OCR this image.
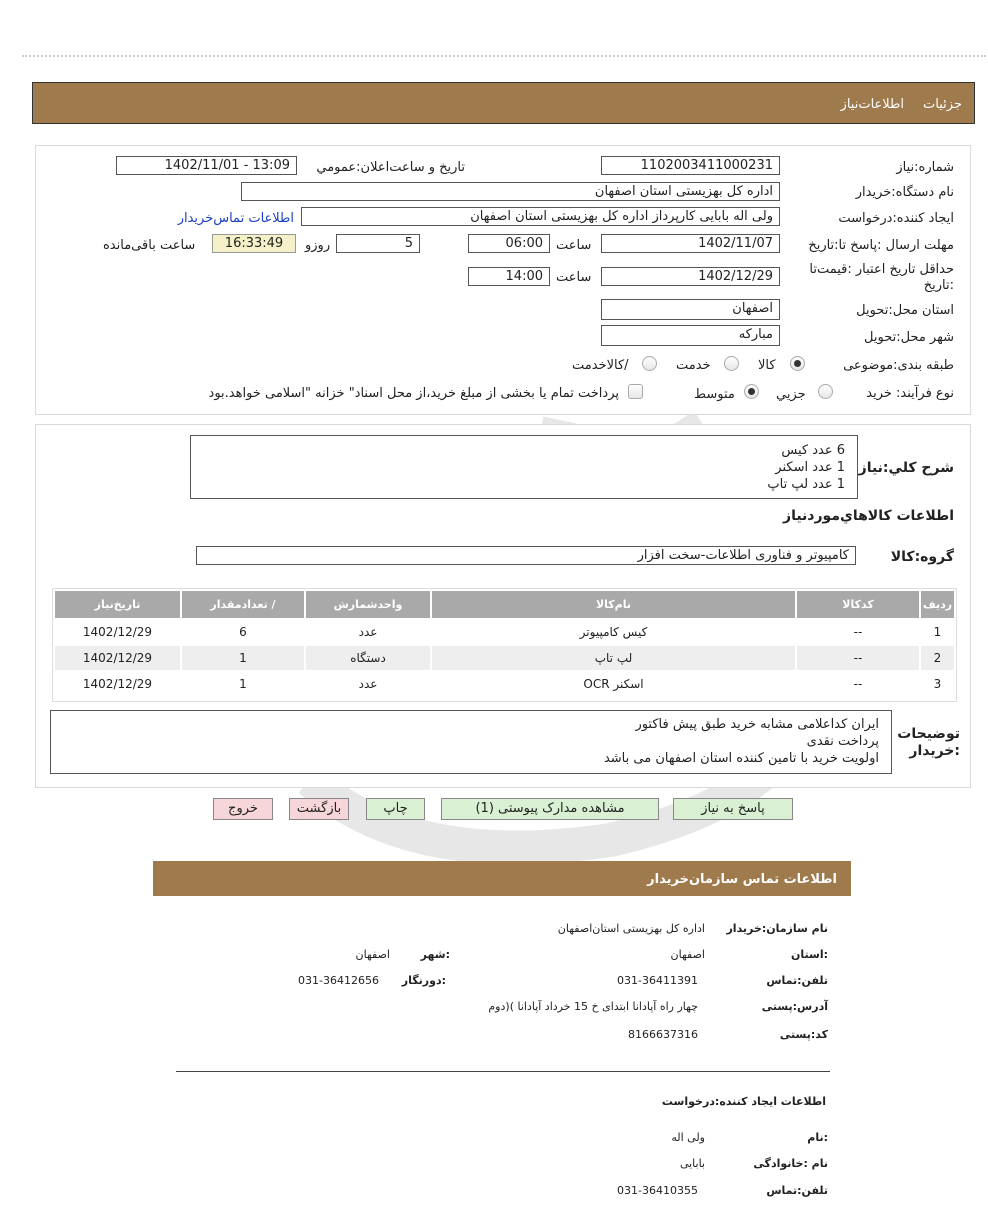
جزئیات
اطلاعات‌نیاز
شماره:نیاز
1102003411000231
تاریخ و ساعت‌اعلان:عمومي
1402/11/01 - 13:09
نام دستگاه:خریدار
اداره کل بهزیستی استان اصفهان
ایجاد کننده:درخواست
ولی اله بابایی کارپرداز اداره کل بهزیستی استان اصفهان
اطلاعات تماس‌خریدار
مهلت ارسال :پاسخ تا:تاریخ
1402/11/07
ساعت
06:00
5
روزو
16:33:49
ساعت باقی‌مانده
حداقل تاریخ اعتبار :قیمت‌تا :تاریخ
1402/12/29
ساعت
14:00
استان محل:تحویل
اصفهان
شهر محل:تحویل
مبارکه
طبقه بندی:موضوعی
کالا
خدمت
/کالاخدمت
نوع فرآیند: خرید
جزیي
متوسط
پرداخت تمام یا بخشی از مبلغ خرید،از محل اسناد" خزانه "اسلامی خواهد.بود
شرح کلي:نياز
6 عدد کیس
1 عدد اسکنر
1 عدد لپ تاپ
اطلاعات کالاهاي‌موردنیاز
گروه:کالا
کامپیوتر و فناوری اطلاعات-سخت افزار
رديف	کدکالا	نام‌کالا	واحدشمارش	/ تعدادمقدار	تاریخ‌نیاز
1	--	کیس کامپیوتر	عدد	6	1402/12/29
2	--	لپ تاپ	دستگاه	1	1402/12/29
3	--	اسکنر OCR	عدد	1	1402/12/29
توضیحات :خریدار
ایران کداعلامی مشابه خرید طبق پیش فاکتور
پرداخت نقدی
اولویت خرید با تامین کننده استان اصفهان می باشد
پاسخ به نیاز
مشاهده مدارک پیوستی (1)
چاپ
بازگشت
خروج
اطلاعات تماس سازمان‌خریدار
نام سازمان:خریدار
اداره کل بهزیستی استان‌اصفهان
:استان
اصفهان
:شهر
اصفهان
تلفن:تماس
031-36411391
:دورنگار
031-36412656
آدرس:پستی
چهار راه آپادانا ابتدای خ 15 خرداد آپادانا )(دوم
کد:پستی
8166637316
اطلاعات ایجاد کننده:درخواست
:نام
ولی اله
نام :خانوادگی
بابایی
تلفن:تماس
031-36410355
